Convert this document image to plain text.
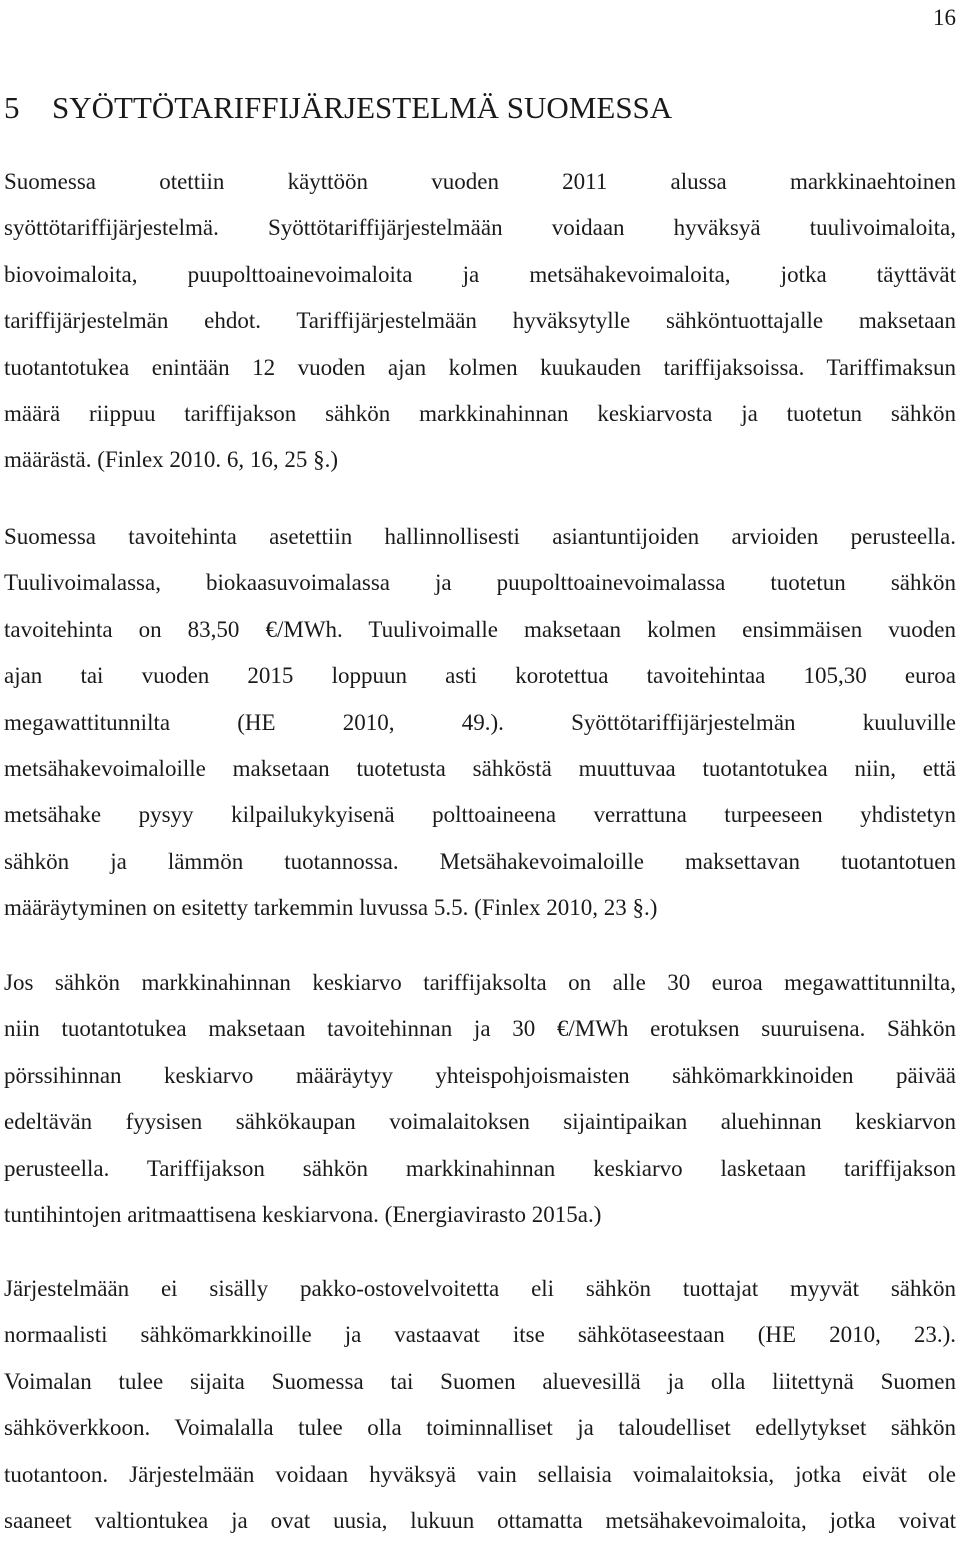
16
5 SYÖTTÖTARIFFIJÄRJESTELMÄ SUOMESSA
Suomessa otettiin käyttöön vuoden 2011 alussa markkinaehtoinen
syöttötariffijärjestelmä. Syöttötariffijärjestelmään voidaan hyväksyä tuulivoimaloita,
biovoimaloita, puupolttoainevoimaloita ja metsähakevoimaloita, jotka täyttävät
tariffijärjestelmän ehdot. Tariffijärjestelmään hyväksytylle sähköntuottajalle maksetaan
tuotantotukea enintään 12 vuoden ajan kolmen kuukauden tariffijaksoissa. Tariffimaksun
määrä riippuu tariffijakson sähkön markkinahinnan keskiarvosta ja tuotetun sähkön
määrästä. (Finlex 2010. 6, 16, 25 §.)
Suomessa tavoitehinta asetettiin hallinnollisesti asiantuntijoiden arvioiden perusteella.
Tuulivoimalassa, biokaasuvoimalassa ja puupolttoainevoimalassa tuotetun sähkön
tavoitehinta on 83,50 €/MWh. Tuulivoimalle maksetaan kolmen ensimmäisen vuoden
ajan tai vuoden 2015 loppuun asti korotettua tavoitehintaa 105,30 euroa
megawattitunnilta (HE 2010, 49.). Syöttötariffijärjestelmän kuuluville
metsähakevoimaloille maksetaan tuotetusta sähköstä muuttuvaa tuotantotukea niin, että
metsähake pysyy kilpailukykyisenä polttoaineena verrattuna turpeeseen yhdistetyn
sähkön ja lämmön tuotannossa. Metsähakevoimaloille maksettavan tuotantotuen
määräytyminen on esitetty tarkemmin luvussa 5.5. (Finlex 2010, 23 §.)
Jos sähkön markkinahinnan keskiarvo tariffijaksolta on alle 30 euroa megawattitunnilta,
niin tuotantotukea maksetaan tavoitehinnan ja 30 €/MWh erotuksen suuruisena. Sähkön
pörssihinnan keskiarvo määräytyy yhteispohjoismaisten sähkömarkkinoiden päivää
edeltävän fyysisen sähkökaupan voimalaitoksen sijaintipaikan aluehinnan keskiarvon
perusteella. Tariffijakson sähkön markkinahinnan keskiarvo lasketaan tariffijakson
tuntihintojen aritmaattisena keskiarvona. (Energiavirasto 2015a.)
Järjestelmään ei sisälly pakko-ostovelvoitetta eli sähkön tuottajat myyvät sähkön
normaalisti sähkömarkkinoille ja vastaavat itse sähkötaseestaan (HE 2010, 23.).
Voimalan tulee sijaita Suomessa tai Suomen aluevesillä ja olla liitettynä Suomen
sähköverkkoon. Voimalalla tulee olla toiminnalliset ja taloudelliset edellytykset sähkön
tuotantoon. Järjestelmään voidaan hyväksyä vain sellaisia voimalaitoksia, jotka eivät ole
saaneet valtiontukea ja ovat uusia, lukuun ottamatta metsähakevoimaloita, jotka voivat
